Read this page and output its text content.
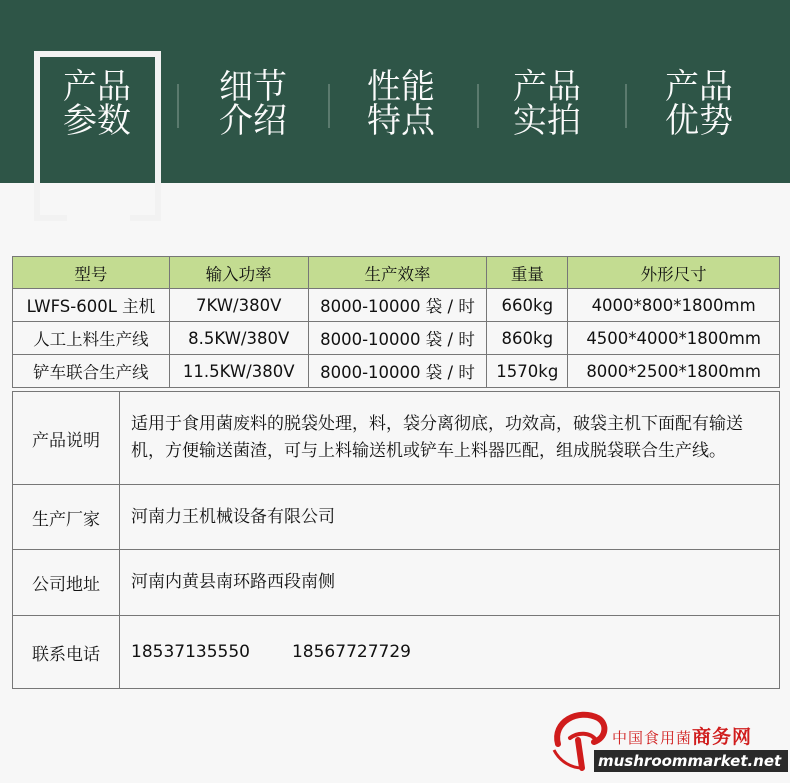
产品
参数
细节
介绍
性能
特点
产品
实拍
产品
优势
型号	输入功率	生产效率	重量	外形尺寸
LWFS-600L 主机	7KW/380V	8000-10000 袋 / 时	660kg	4000*800*1800mm
人工上料生产线	8.5KW/380V	8000-10000 袋 / 时	860kg	4500*4000*1800mm
铲车联合生产线	11.5KW/380V	8000-10000 袋 / 时	1570kg	8000*2500*1800mm
产品说明	适用于食用菌废料的脱袋处理，料，袋分离彻底，功效高，破袋主机下面配有输送机，方便输送菌渣，可与上料输送机或铲车上料器匹配，组成脱袋联合生产线。
生产厂家	河南力王机械设备有限公司
公司地址	河南内黄县南环路西段南侧
联系电话	18537135550 18567727729
中国食用菌商务网
mushroommarket.net
